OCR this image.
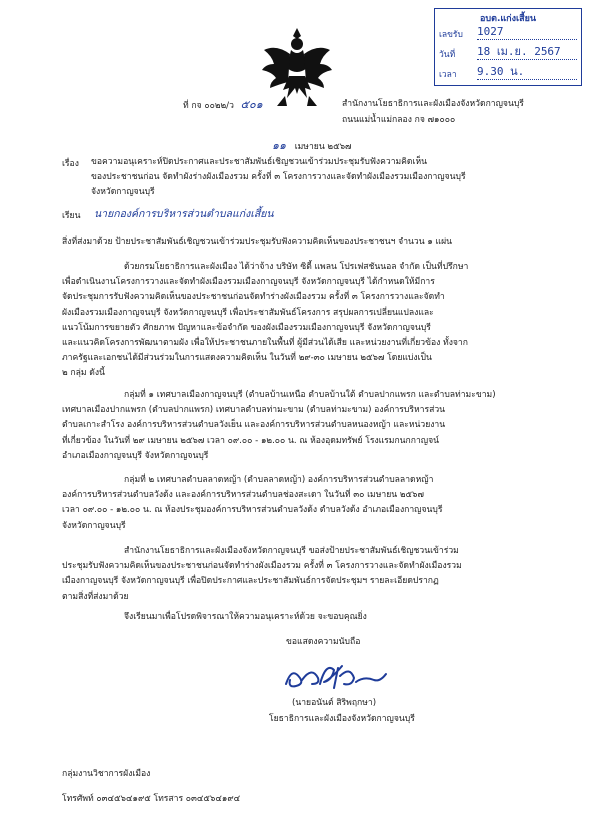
อบต.แก่งเสี้ยน
เลขรับ 1027
วันที่ 18 เม.ย. 2567
เวลา 9.30 น.
ที่ กจ ๐๐๒๒/ว ๕๐๑	สำนักงานโยธาธิการและผังเมืองจังหวัดกาญจนบุรี
ถนนแม่น้ำแม่กลอง กจ ๗๑๐๐๐
๑๑ เมษายน ๒๕๖๗
เรื่อง ขอความอนุเคราะห์ปิดประกาศและประชาสัมพันธ์เชิญชวนเข้าร่วมประชุมรับฟังความคิดเห็น
ของประชาชนก่อน จัดทำผังร่างผังเมืองรวม ครั้งที่ ๓ โครงการวางและจัดทำผังเมืองรวมเมืองกาญจนบุรี
จังหวัดกาญจนบุรี
เรียน นายกองค์การบริหารส่วนตำบลแก่งเสี้ยน
สิ่งที่ส่งมาด้วย ป้ายประชาสัมพันธ์เชิญชวนเข้าร่วมประชุมรับฟังความคิดเห็นของประชาชนฯ จำนวน ๑ แผ่น
ด้วยกรมโยธาธิการและผังเมือง ได้ว่าจ้าง บริษัท ซิตี้ แพลน โปรเฟสชันนอล จำกัด เป็นที่ปรึกษา
เพื่อดำเนินงานโครงการวางและจัดทำผังเมืองรวมเมืองกาญจนบุรี จังหวัดกาญจนบุรี ได้กำหนดให้มีการ
จัดประชุมการรับฟังความคิดเห็นของประชาชนก่อนจัดทำร่างผังเมืองรวม ครั้งที่ ๓ โครงการวางและจัดทำ
ผังเมืองรวมเมืองกาญจนบุรี จังหวัดกาญจนบุรี เพื่อประชาสัมพันธ์โครงการ สรุปผลการเปลี่ยนแปลงและ
แนวโน้มการขยายตัว ศักยภาพ ปัญหาและข้อจำกัด ของผังเมืองรวมเมืองกาญจนบุรี จังหวัดกาญจนบุรี
และแนวคิดโครงการพัฒนาตามผัง เพื่อให้ประชาชนภายในพื้นที่ ผู้มีส่วนได้เสีย และหน่วยงานที่เกี่ยวข้อง ทั้งจาก
ภาครัฐและเอกชนได้มีส่วนร่วมในการแสดงความคิดเห็น ในวันที่ ๒๙-๓๐ เมษายน ๒๕๖๗ โดยแบ่งเป็น
๒ กลุ่ม ดังนี้
กลุ่มที่ ๑ เทศบาลเมืองกาญจนบุรี (ตำบลบ้านเหนือ ตำบลบ้านใต้ ตำบลปากแพรก และตำบลท่ามะขาม)
เทศบาลเมืองปากแพรก (ตำบลปากแพรก) เทศบาลตำบลท่ามะขาม (ตำบลท่ามะขาม) องค์การบริหารส่วน
ตำบลเกาะสำโรง องค์การบริหารส่วนตำบลวังเย็น และองค์การบริหารส่วนตำบลหนองหญ้า และหน่วยงาน
ที่เกี่ยวข้อง ในวันที่ ๒๙ เมษายน ๒๕๖๗ เวลา ๐๙.๐๐ - ๑๒.๐๐ น. ณ ห้องอุดมทรัพย์ โรงแรมกนกกาญจน์
อำเภอเมืองกาญจนบุรี จังหวัดกาญจนบุรี
กลุ่มที่ ๒ เทศบาลตำบลลาดหญ้า (ตำบลลาดหญ้า) องค์การบริหารส่วนตำบลลาดหญ้า
องค์การบริหารส่วนตำบลวังด้ง และองค์การบริหารส่วนตำบลช่องสะเดา ในวันที่ ๓๐ เมษายน ๒๕๖๗
เวลา ๐๙.๐๐ - ๑๒.๐๐ น. ณ ห้องประชุมองค์การบริหารส่วนตำบลวังด้ง ตำบลวังด้ง อำเภอเมืองกาญจนบุรี
จังหวัดกาญจนบุรี
สำนักงานโยธาธิการและผังเมืองจังหวัดกาญจนบุรี ขอส่งป้ายประชาสัมพันธ์เชิญชวนเข้าร่วม
ประชุมรับฟังความคิดเห็นของประชาชนก่อนจัดทำร่างผังเมืองรวม ครั้งที่ ๓ โครงการวางและจัดทำผังเมืองรวม
เมืองกาญจนบุรี จังหวัดกาญจนบุรี เพื่อปิดประกาศและประชาสัมพันธ์การจัดประชุมฯ รายละเอียดปรากฏ
ตามสิ่งที่ส่งมาด้วย
จึงเรียนมาเพื่อโปรดพิจารณาให้ความอนุเคราะห์ด้วย จะขอบคุณยิ่ง
ขอแสดงความนับถือ
(นายอนันต์ สิริพฤกษา)
โยธาธิการและผังเมืองจังหวัดกาญจนบุรี
กลุ่มงานวิชาการผังเมือง
โทรศัพท์ ๐๓๔๕๖๔๑๙๕ โทรสาร ๐๓๔๕๖๔๑๙๔
